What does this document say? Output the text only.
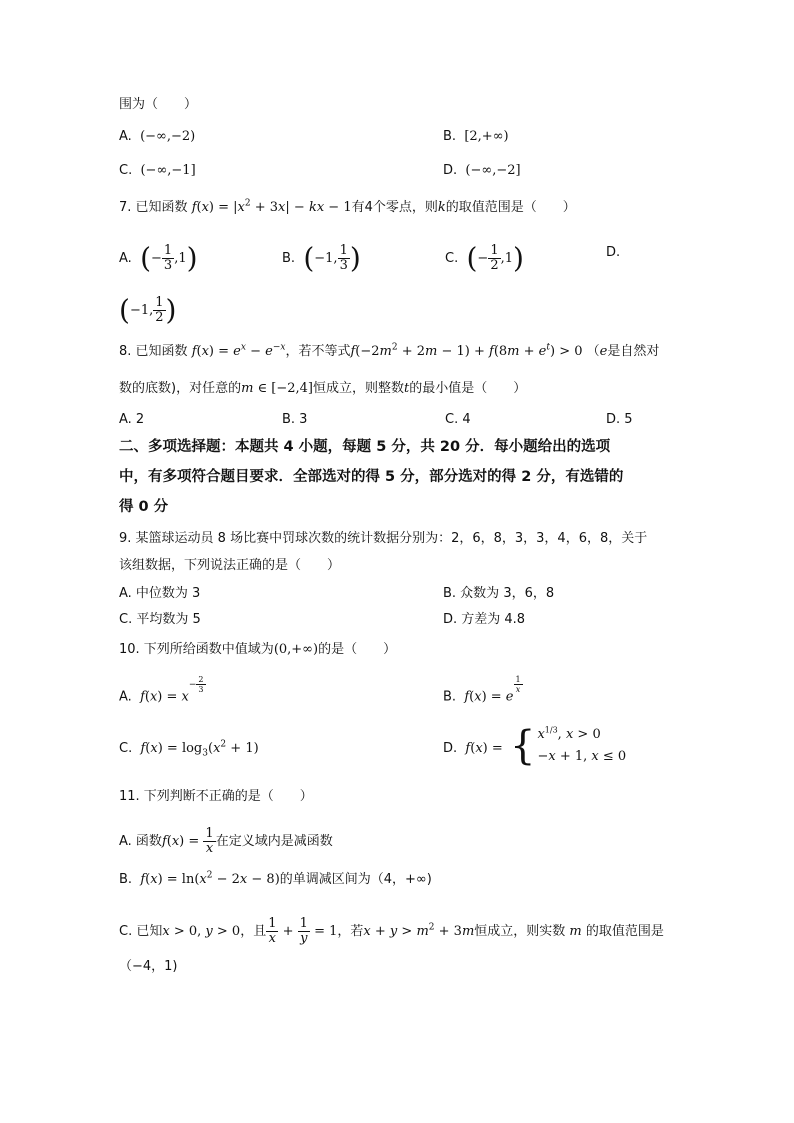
围为（　　）
A. (−∞,−2)	B. [2,+∞)
C. (−∞,−1]	D. (−∞,−2]
7. 已知函数 $f(x) = |x^2 + 3x|$ − kx − 1有4个零点，则k的取值范围是（　　）
A. (− $\frac{1}{3} ,1$)	B. (−1, $\frac{1}{3}$ )	C. (− $\frac{1}{2} ,1$)	D.
(−1, $\frac{1}{2}$ )
8. 已知函数 $f(x) = e^x - e^{-x}$，若不等式$f(-2m^2 + 2m - 1) + f(8m + e^t) > 0$ （e是自然对
数的底数)，对任意的m ∈ [−2,4]恒成立，则整数t的最小值是（　　）
A. 2	B. 3	C. 4	D. 5
二、多项选择题：本题共 4 小题，每题 5 分，共 20 分．每小题给出的选项
中，有多项符合题目要求．全部选对的得 5 分，部分选对的得 2 分，有选错的
得 0 分
9. 某篮球运动员 8 场比赛中罚球次数的统计数据分别为：2，6，8，3，3，4，6，8，关于
该组数据，下列说法正确的是（　　）
A. 中位数为 3	B. 众数为 3，6，8
C. 平均数为 5	D. 方差为 4.8
10. 下列所给函数中值域为(0,+∞)的是（　　）
A. $f(x) = x^{- \frac{2}{3}}$
B. f(x) = e
$^{\frac{1}{x}}$
C. $f(x) = \log_3(x^2 + 1)$	D. f(x) = { $x^{1/3}$, x > 0
−x + 1, x ≤ 0
11. 下列判断不正确的是（　　）
A. 函数$f(x) = \frac{1}{x}$ 在定义域内是减函数
B. $f(x) = \ln(x^2 - 2x - 8)$的单调减区间为（4，+∞)
C. 已知x > 0, y > 0，且 $\frac{1}{x} + \frac{1}{y} = 1$，若$x + y > m^2 + 3m$恒成立，则实数 m 的取值范围是
（−4，1)
